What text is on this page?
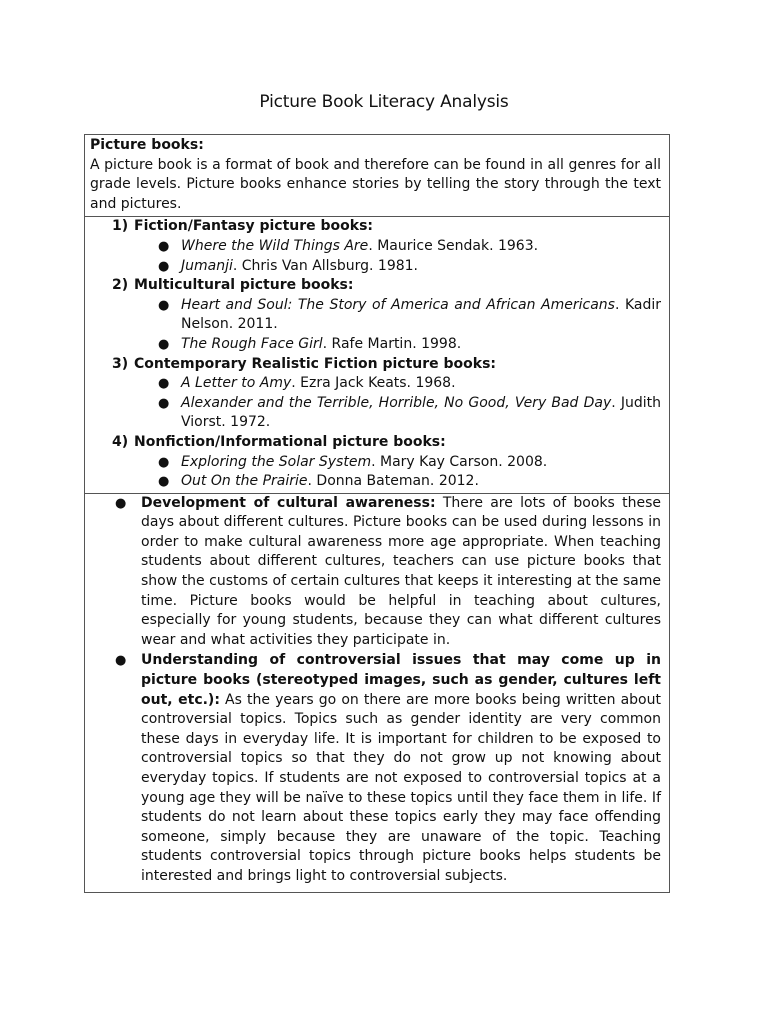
Picture Book Literacy Analysis
Picture books:
A picture book is a format of book and therefore can be found in all genres for all grade levels. Picture books enhance stories by telling the story through the text and pictures.
1) Fiction/Fantasy picture books:
● Where the Wild Things Are. Maurice Sendak. 1963.
● Jumanji. Chris Van Allsburg. 1981.
2) Multicultural picture books:
● Heart and Soul: The Story of America and African Americans. Kadir Nelson. 2011.
● The Rough Face Girl. Rafe Martin. 1998.
3) Contemporary Realistic Fiction picture books:
● A Letter to Amy. Ezra Jack Keats. 1968.
● Alexander and the Terrible, Horrible, No Good, Very Bad Day. Judith Viorst. 1972.
4) Nonfiction/Informational picture books:
● Exploring the Solar System. Mary Kay Carson. 2008.
● Out On the Prairie. Donna Bateman. 2012.
●	Development of cultural awareness: There are lots of books these days about different cultures. Picture books can be used during lessons in order to make cultural awareness more age appropriate. When teaching students about different cultures, teachers can use picture books that show the customs of certain cultures that keeps it interesting at the same time. Picture books would be helpful in teaching about cultures, especially for young students, because they can what different cultures wear and what activities they participate in.
●	Understanding of controversial issues that may come up in picture books (stereotyped images, such as gender, cultures left out, etc.): As the years go on there are more books being written about controversial topics. Topics such as gender identity are very common these days in everyday life. It is important for children to be exposed to controversial topics so that they do not grow up not knowing about everyday topics. If students are not exposed to controversial topics at a young age they will be naïve to these topics until they face them in life. If students do not learn about these topics early they may face offending someone, simply because they are unaware of the topic. Teaching students controversial topics through picture books helps students be interested and brings light to controversial subjects.
